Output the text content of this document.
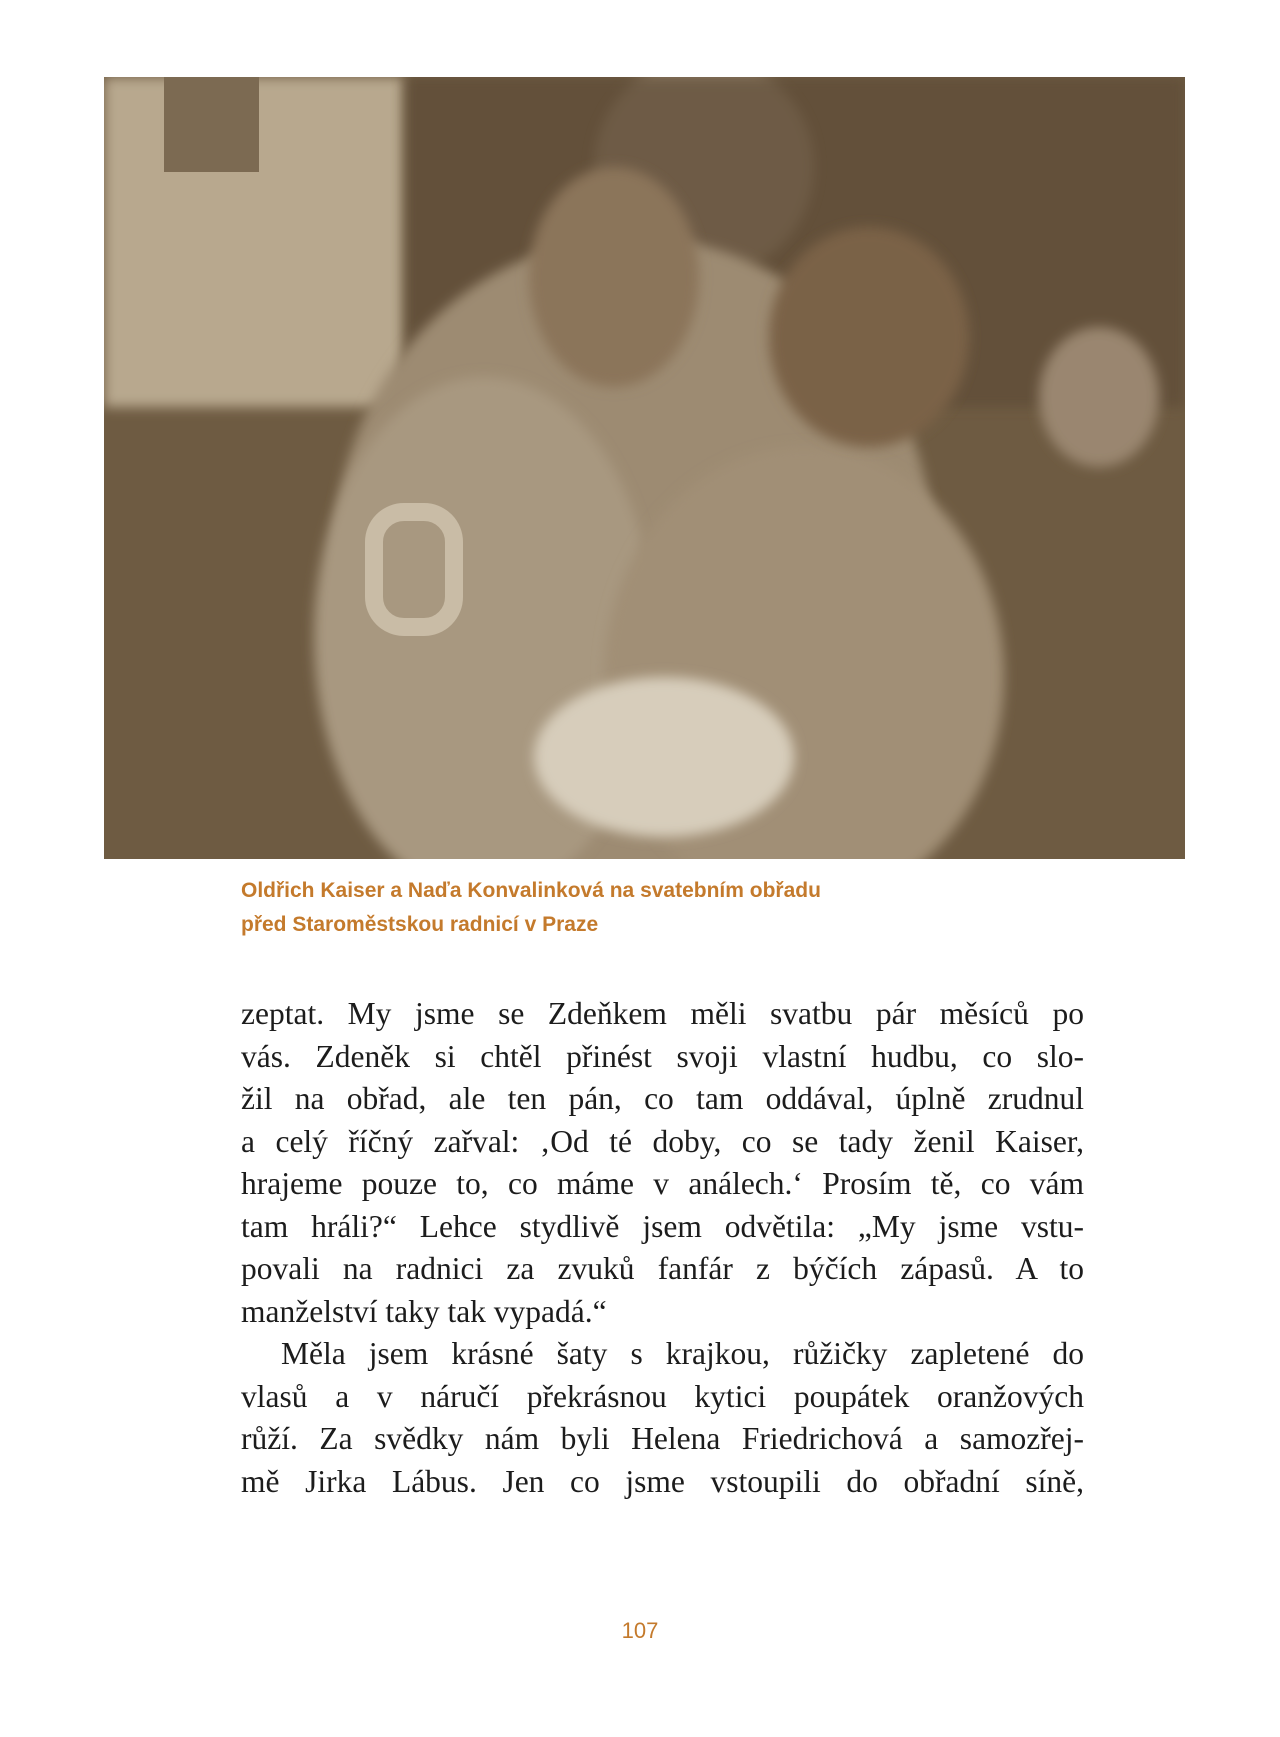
Oldřich Kaiser a Naďa Konvalinková na svatebním obřadu
před Staroměstskou radnicí v Praze
zeptat. My jsme se Zdeňkem měli svatbu pár měsíců po
vás. Zdeněk si chtěl přinést svoji vlastní hudbu, co slo-
žil na obřad, ale ten pán, co tam oddával, úplně zrudnul
a celý říčný zařval: ‚Od té doby, co se tady ženil Kaiser,
hrajeme pouze to, co máme v análech.‘ Prosím tě, co vám
tam hráli?“ Lehce stydlivě jsem odvětila: „My jsme vstu-
povali na radnici za zvuků fanfár z býčích zápasů. A to
manželství taky tak vypadá.“
Měla jsem krásné šaty s krajkou, růžičky zapletené do
vlasů a v náručí překrásnou kytici poupátek oranžových
růží. Za svědky nám byli Helena Friedrichová a samozřej-
mě Jirka Lábus. Jen co jsme vstoupili do obřadní síně,
107
